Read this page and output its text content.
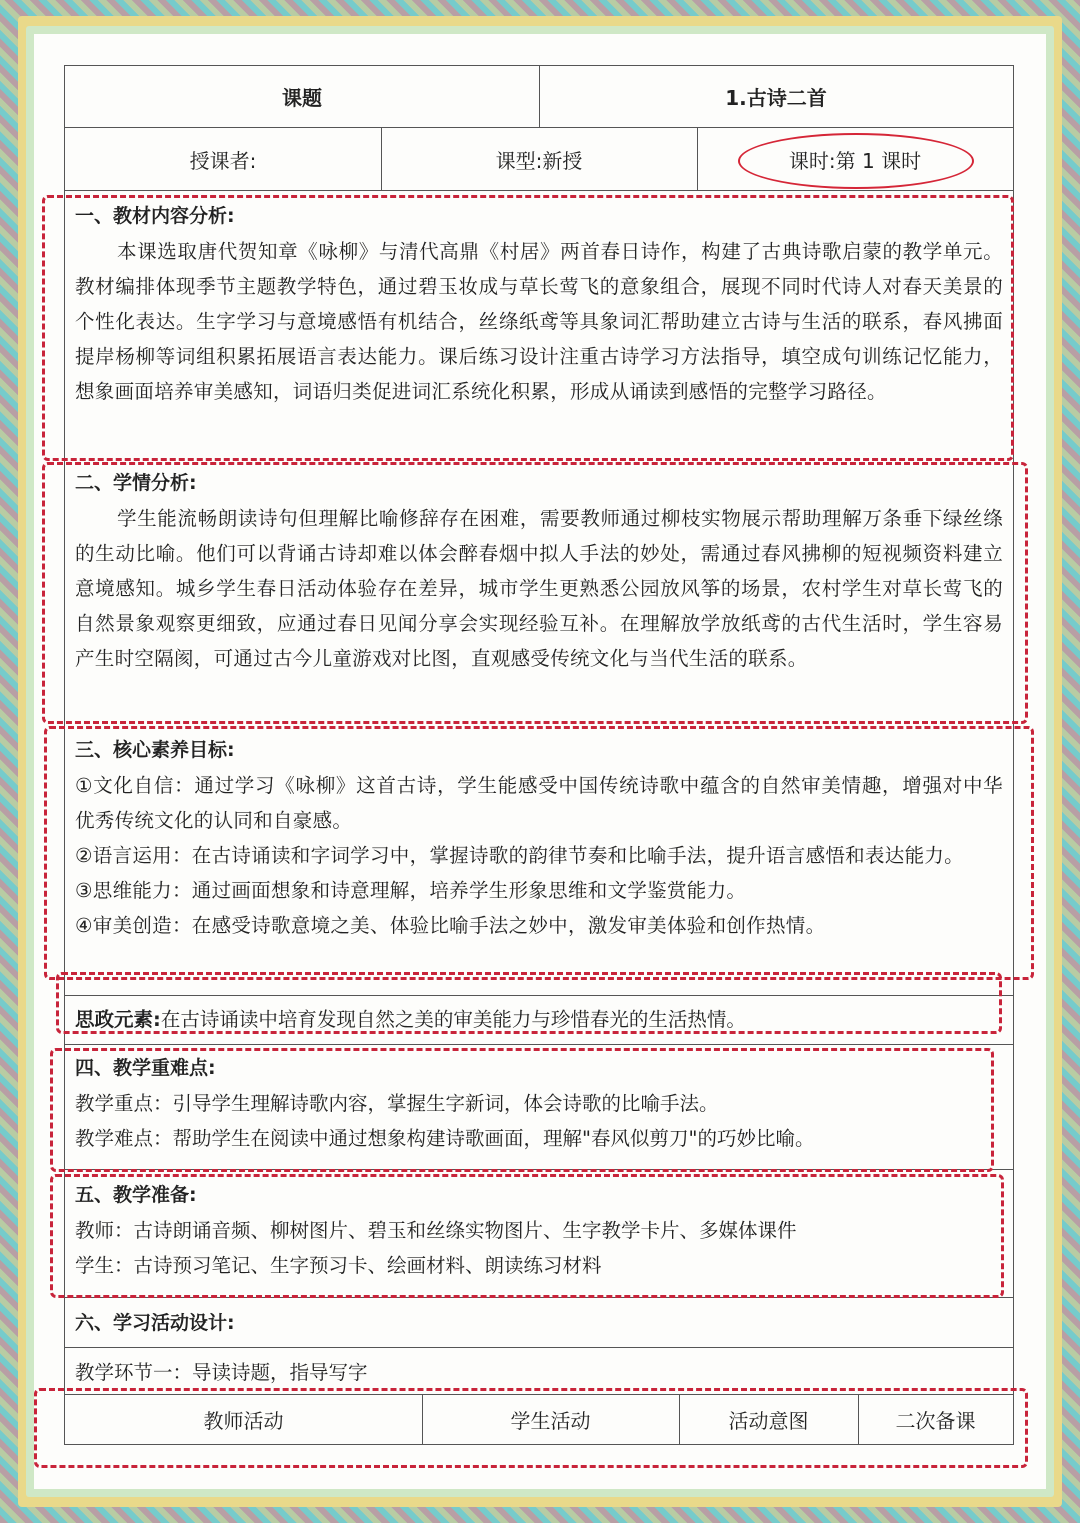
课题	1.古诗二首
授课者:	课型:新授	课时:第 1 课时
一、教材内容分析:
本课选取唐代贺知章《咏柳》与清代高鼎《村居》两首春日诗作，构建了古典诗歌启蒙的教学单元。教材编排体现季节主题教学特色，通过碧玉妆成与草长莺飞的意象组合，展现不同时代诗人对春天美景的个性化表达。生字学习与意境感悟有机结合，丝绦纸鸢等具象词汇帮助建立古诗与生活的联系，春风拂面提岸杨柳等词组积累拓展语言表达能力。课后练习设计注重古诗学习方法指导，填空成句训练记忆能力，想象画面培养审美感知，词语归类促进词汇系统化积累，形成从诵读到感悟的完整学习路径。
二、学情分析:
学生能流畅朗读诗句但理解比喻修辞存在困难，需要教师通过柳枝实物展示帮助理解万条垂下绿丝绦的生动比喻。他们可以背诵古诗却难以体会醉春烟中拟人手法的妙处，需通过春风拂柳的短视频资料建立意境感知。城乡学生春日活动体验存在差异，城市学生更熟悉公园放风筝的场景，农村学生对草长莺飞的自然景象观察更细致，应通过春日见闻分享会实现经验互补。在理解放学放纸鸢的古代生活时，学生容易产生时空隔阂，可通过古今儿童游戏对比图，直观感受传统文化与当代生活的联系。
三、核心素养目标:
①文化自信：通过学习《咏柳》这首古诗，学生能感受中国传统诗歌中蕴含的自然审美情趣，增强对中华优秀传统文化的认同和自豪感。
②语言运用：在古诗诵读和字词学习中，掌握诗歌的韵律节奏和比喻手法，提升语言感悟和表达能力。
③思维能力：通过画面想象和诗意理解，培养学生形象思维和文学鉴赏能力。
④审美创造：在感受诗歌意境之美、体验比喻手法之妙中，激发审美体验和创作热情。
思政元素:在古诗诵读中培育发现自然之美的审美能力与珍惜春光的生活热情。
四、教学重难点:
教学重点：引导学生理解诗歌内容，掌握生字新词，体会诗歌的比喻手法。
教学难点：帮助学生在阅读中通过想象构建诗歌画面，理解"春风似剪刀"的巧妙比喻。
五、教学准备:
教师：古诗朗诵音频、柳树图片、碧玉和丝绦实物图片、生字教学卡片、多媒体课件
学生：古诗预习笔记、生字预习卡、绘画材料、朗读练习材料
六、学习活动设计:
教学环节一：导读诗题，指导写字
教师活动	学生活动	活动意图	二次备课
